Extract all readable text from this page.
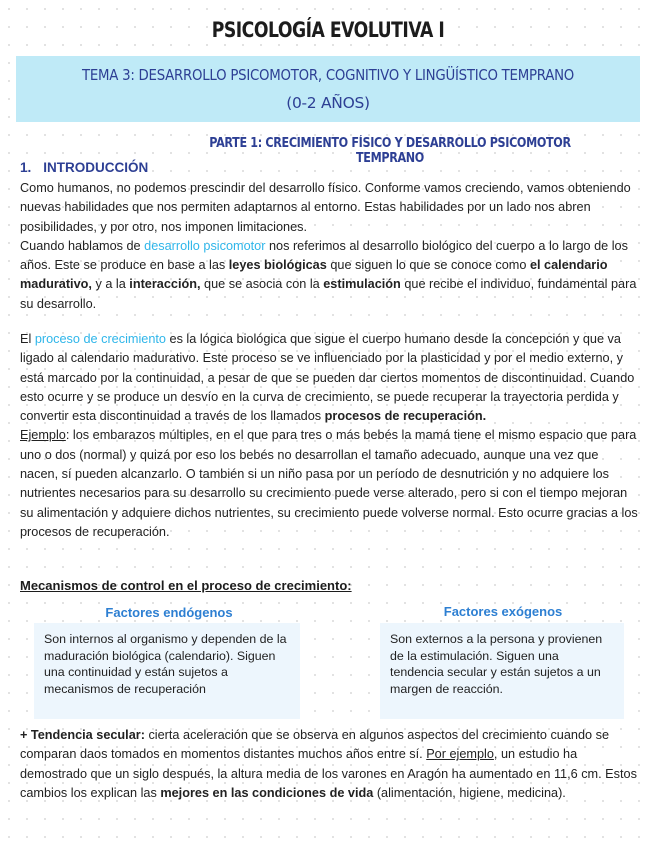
PSICOLOGÍA EVOLUTIVA I
TEMA 3: DESARROLLO PSICOMOTOR, COGNITIVO Y LINGÜÍSTICO TEMPRANO
(0-2 AÑOS)
PARTE 1: CRECIMIENTO FÍSICO Y DESARROLLO PSICOMOTOR TEMPRANO
1. INTRODUCCIÓN

Como humanos, no podemos prescindir del desarrollo físico. Conforme vamos creciendo, vamos obteniendo nuevas habilidades que nos permiten adaptarnos al entorno. Estas habilidades por un lado nos abren posibilidades, y por otro, nos imponen limitaciones.

Cuando hablamos de desarrollo psicomotor nos referimos al desarrollo biológico del cuerpo a lo largo de los años. Este se produce en base a las leyes biológicas que siguen lo que se conoce como el calendario madurativo, y a la interacción, que se asocia con la estimulación que recibe el individuo, fundamental para su desarrollo.

El proceso de crecimiento es la lógica biológica que sigue el cuerpo humano desde la concepción y que va ligado al calendario madurativo. Este proceso se ve influenciado por la plasticidad y por el medio externo, y está marcado por la continuidad, a pesar de que se pueden dar ciertos momentos de discontinuidad. Cuando esto ocurre y se produce un desvío en la curva de crecimiento, se puede recuperar la trayectoria perdida y convertir esta discontinuidad a través de los llamados procesos de recuperación.

Ejemplo: los embarazos múltiples, en el que para tres o más bebés la mamá tiene el mismo espacio que para uno o dos (normal) y quizá por eso los bebés no desarrollan el tamaño adecuado, aunque una vez que nacen, sí pueden alcanzarlo. O también si un niño pasa por un período de desnutrición y no adquiere los nutrientes necesarios para su desarrollo su crecimiento puede verse alterado, pero si con el tiempo mejoran su alimentación y adquiere dichos nutrientes, su crecimiento puede volverse normal. Esto ocurre gracias a los procesos de recuperación.

Mecanismos de control en el proceso de crecimiento:
Factores endógenos
Son internos al organismo y dependen de la maduración biológica (calendario). Siguen una continuidad y están sujetos a mecanismos de recuperación
Factores exógenos
Son externos a la persona y provienen de la estimulación. Siguen una tendencia secular y están sujetos a un margen de reacción.

+ Tendencia secular: cierta aceleración que se observa en algunos aspectos del crecimiento cuando se comparan daos tomados en momentos distantes muchos años entre sí. Por ejemplo, un estudio ha demostrado que un siglo después, la altura media de los varones en Aragón ha aumentado en 11,6 cm. Estos cambios los explican las mejores en las condiciones de vida (alimentación, higiene, medicina).
